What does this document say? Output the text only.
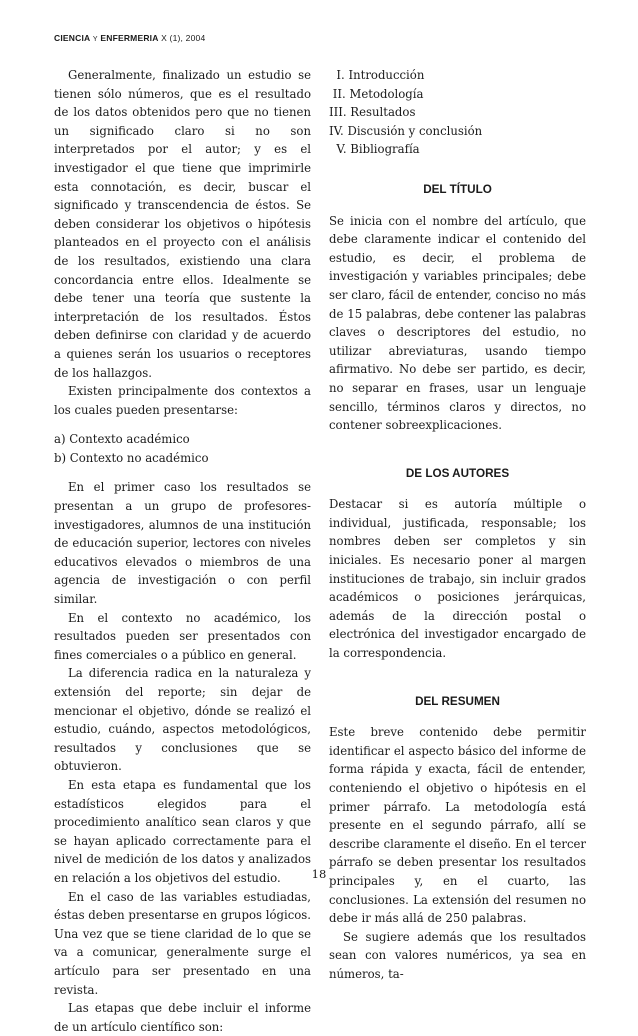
CIENCIA Y ENFERMERIA X (1), 2004

Generalmente, finalizado un estudio se tienen sólo números, que es el resultado de los datos obtenidos pero que no tienen un significado claro si no son interpretados por el autor; y es el investigador el que tiene que imprimirle esta connotación, es decir, buscar el significado y transcendencia de éstos. Se deben considerar los objetivos o hipótesis planteados en el proyecto con el análisis de los resultados, existiendo una clara concordancia entre ellos. Idealmente se debe tener una teoría que sustente la interpretación de los resultados. Éstos deben definirse con claridad y de acuerdo a quienes serán los usuarios o receptores de los hallazgos.

Existen principalmente dos contextos a los cuales pueden presentarse:

a) Contexto académico

b) Contexto no académico

En el primer caso los resultados se presentan a un grupo de profesores-investigadores, alumnos de una institución de educación superior, lectores con niveles educativos elevados o miembros de una agencia de investigación o con perfil similar.

En el contexto no académico, los resultados pueden ser presentados con fines comerciales o a público en general.

La diferencia radica en la naturaleza y extensión del reporte; sin dejar de mencionar el objetivo, dónde se realizó el estudio, cuándo, aspectos metodológicos, resultados y conclusiones que se obtuvieron.

En esta etapa es fundamental que los estadísticos elegidos para el procedimiento analítico sean claros y que se hayan aplicado correctamente para el nivel de medición de los datos y analizados en relación a los objetivos del estudio.

En el caso de las variables estudiadas, éstas deben presentarse en grupos lógicos. Una vez que se tiene claridad de lo que se va a comunicar, generalmente surge el artículo para ser presentado en una revista.

Las etapas que debe incluir el informe de un artículo científico son:

I. Introducción
II. Metodología
III. Resultados
IV. Discusión y conclusión
V. Bibliografía
DEL TÍTULO

Se inicia con el nombre del artículo, que debe claramente indicar el contenido del estudio, es decir, el problema de investigación y variables principales; debe ser claro, fácil de entender, conciso no más de 15 palabras, debe contener las palabras claves o descriptores del estudio, no utilizar abreviaturas, usando tiempo afirmativo. No debe ser partido, es decir, no separar en frases, usar un lenguaje sencillo, términos claros y directos, no contener sobreexplicaciones.

DE LOS AUTORES

Destacar si es autoría múltiple o individual, justificada, responsable; los nombres deben ser completos y sin iniciales. Es necesario poner al margen instituciones de trabajo, sin incluir grados académicos o posiciones jerárquicas, además de la dirección postal o electrónica del investigador encargado de la correspondencia.

DEL RESUMEN

Este breve contenido debe permitir identificar el aspecto básico del informe de forma rápida y exacta, fácil de entender, conteniendo el objetivo o hipótesis en el primer párrafo. La metodología está presente en el segundo párrafo, allí se describe claramente el diseño. En el tercer párrafo se deben presentar los resultados principales y, en el cuarto, las conclusiones. La extensión del resumen no debe ir más allá de 250 palabras.

Se sugiere además que los resultados sean con valores numéricos, ya sea en números, ta-

18
